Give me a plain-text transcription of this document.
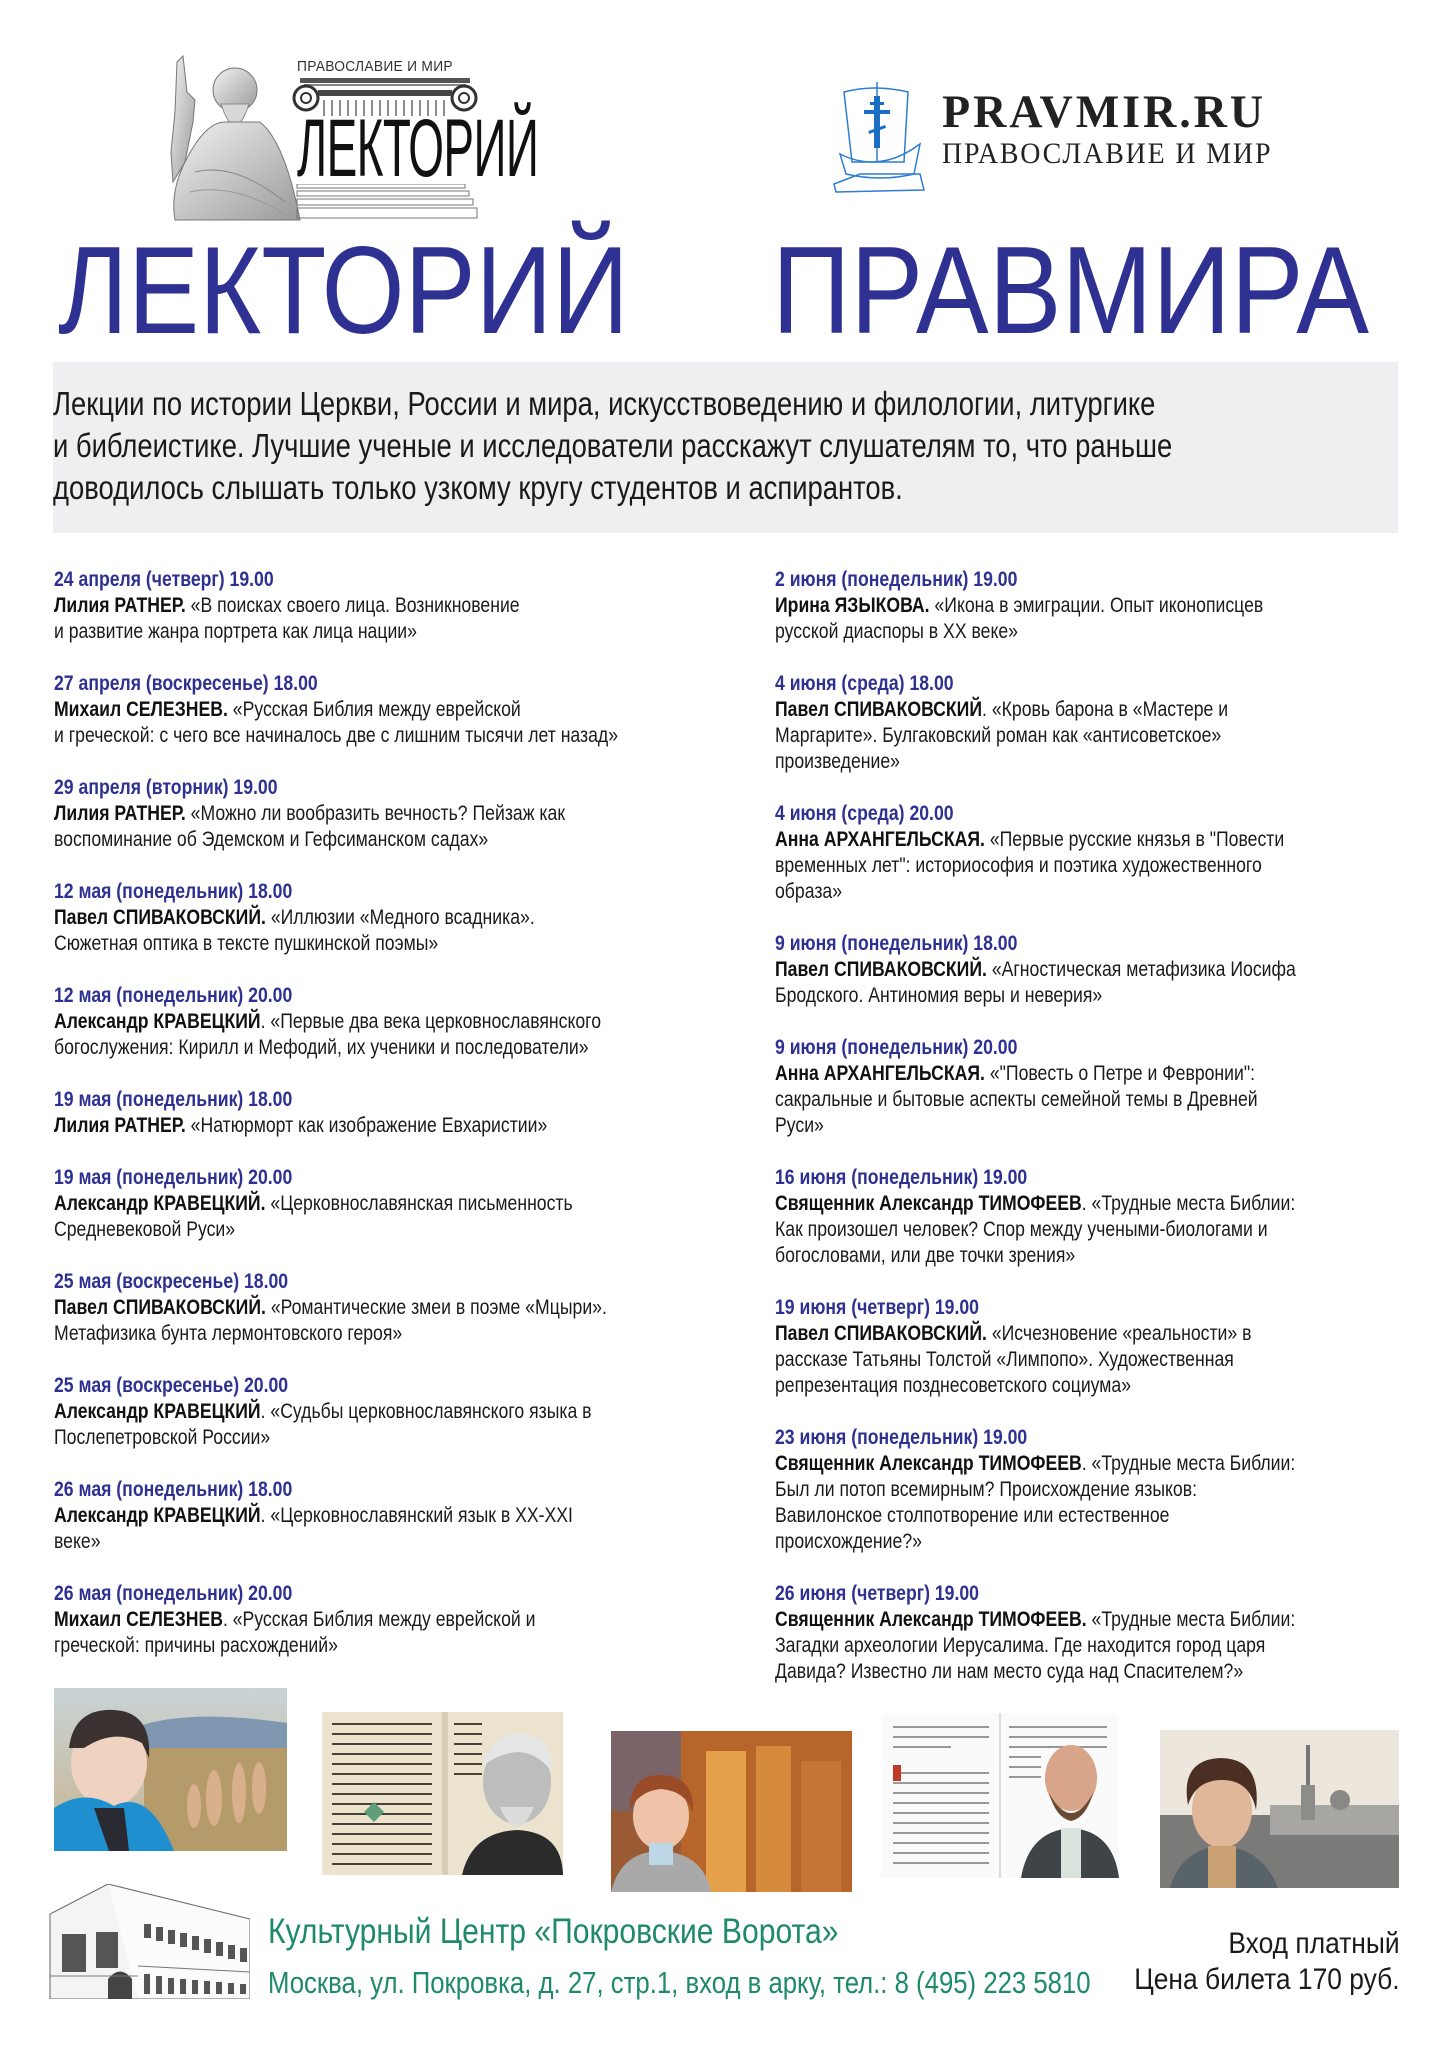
ПРАВОСЛАВИЕ И МИР
ЛЕКТОРИЙ	PRAVMIR.RU
ПРАВОСЛАВИЕ И МИР
ЛЕКТОРИЙ ПРАВМИРА
Лекции по истории Церкви, России и мира, искусствоведению и филологии, литургике
и библеистике. Лучшие ученые и исследователи расскажут слушателям то, что раньше
доводилось слышать только узкому кругу студентов и аспирантов.
24 апреля (четверг) 19.00
Лилия РАТНЕР. «В поисках своего лица. Возникновение
и развитие жанра портрета как лица нации»
27 апреля (воскресенье) 18.00
Михаил СЕЛЕЗНЕВ. «Русская Библия между еврейской
и греческой: с чего все начиналось две с лишним тысячи лет назад»
29 апреля (вторник) 19.00
Лилия РАТНЕР. «Можно ли вообразить вечность? Пейзаж как
воспоминание об Эдемском и Гефсиманском садах»
12 мая (понедельник) 18.00
Павел СПИВАКОВСКИЙ. «Иллюзии «Медного всадника».
Сюжетная оптика в тексте пушкинской поэмы»
12 мая (понедельник) 20.00
Александр КРАВЕЦКИЙ. «Первые два века церковнославянского
богослужения: Кирилл и Мефодий, их ученики и последователи»
19 мая (понедельник) 18.00
Лилия РАТНЕР. «Натюрморт как изображение Евхаристии»
19 мая (понедельник) 20.00
Александр КРАВЕЦКИЙ. «Церковнославянская письменность
Средневековой Руси»
25 мая (воскресенье) 18.00
Павел СПИВАКОВСКИЙ. «Романтические змеи в поэме «Мцыри».
Метафизика бунта лермонтовского героя»
25 мая (воскресенье) 20.00
Александр КРАВЕЦКИЙ. «Судьбы церковнославянского языка в
Послепетровской России»
26 мая (понедельник) 18.00
Александр КРАВЕЦКИЙ. «Церковнославянский язык в XX-XXI
веке»
26 мая (понедельник) 20.00
Михаил СЕЛЕЗНЕВ. «Русская Библия между еврейской и
греческой: причины расхождений»
2 июня (понедельник) 19.00
Ирина ЯЗЫКОВА. «Икона в эмиграции. Опыт иконописцев
русской диаспоры в XX веке»
4 июня (среда) 18.00
Павел СПИВАКОВСКИЙ. «Кровь барона в «Мастере и
Маргарите». Булгаковский роман как «антисоветское»
произведение»
4 июня (среда) 20.00
Анна АРХАНГЕЛЬСКАЯ. «Первые русские князья в "Повести
временных лет": историософия и поэтика художественного
образа»
9 июня (понедельник) 18.00
Павел СПИВАКОВСКИЙ. «Агностическая метафизика Иосифа
Бродского. Антиномия веры и неверия»
9 июня (понедельник) 20.00
Анна АРХАНГЕЛЬСКАЯ. «"Повесть о Петре и Февронии":
сакральные и бытовые аспекты семейной темы в Древней
Руси»
16 июня (понедельник) 19.00
Священник Александр ТИМОФЕЕВ. «Трудные места Библии:
Как произошел человек? Спор между учеными-биологами и
богословами, или две точки зрения»
19 июня (четверг) 19.00
Павел СПИВАКОВСКИЙ. «Исчезновение «реальности» в
рассказе Татьяны Толстой «Лимпопо». Художественная
репрезентация позднесоветского социума»
23 июня (понедельник) 19.00
Священник Александр ТИМОФЕЕВ. «Трудные места Библии:
Был ли потоп всемирным? Происхождение языков:
Вавилонское столпотворение или естественное
происхождение?»
26 июня (четверг) 19.00
Священник Александр ТИМОФЕЕВ. «Трудные места Библии:
Загадки археологии Иерусалима. Где находится город царя
Давида? Известно ли нам место суда над Спасителем?»
Культурный Центр «Покровские Ворота»
Москва, ул. Покровка, д. 27, стр.1, вход в арку, тел.: 8 (495) 223 5810
Вход платный
Цена билета 170 руб.
